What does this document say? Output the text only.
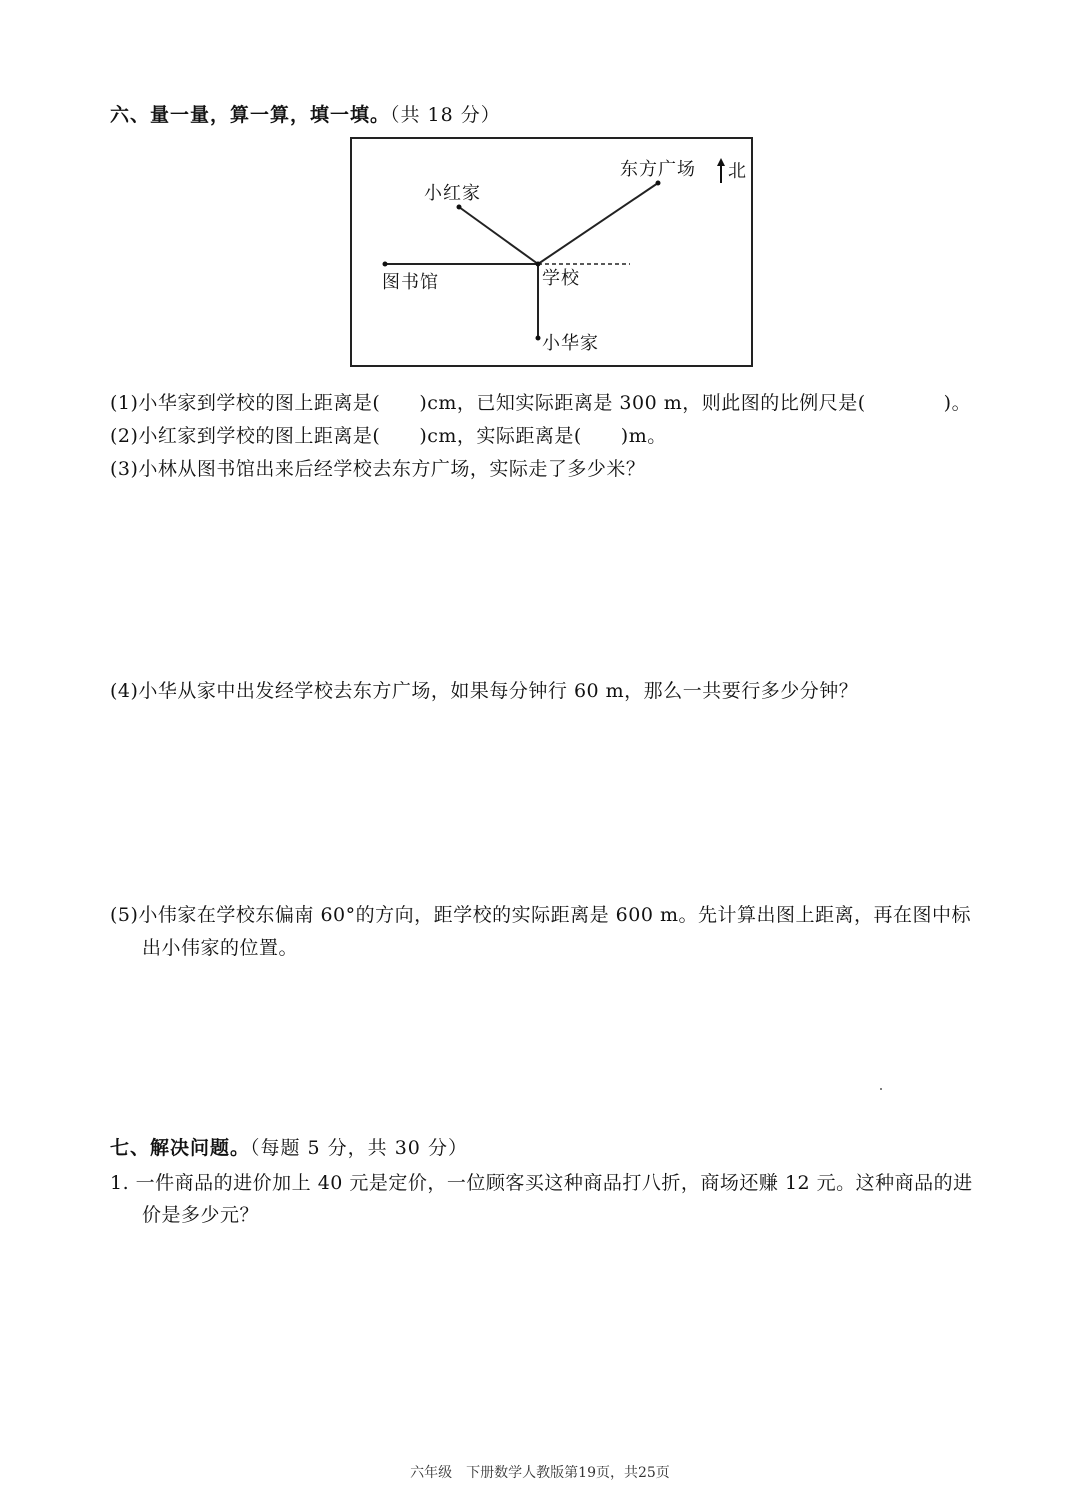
六、量一量，算一算，填一填。（共 18 分）
东方广场 北
小红家
图书馆	学校
小华家
(1)小华家到学校的图上距离是(　　)cm，已知实际距离是 300 m，则此图的比例尺是(　　　　)。
(2)小红家到学校的图上距离是(　　)cm，实际距离是(　　)m。
(3)小林从图书馆出来后经学校去东方广场，实际走了多少米？
(4)小华从家中出发经学校去东方广场，如果每分钟行 60 m，那么一共要行多少分钟？
(5)小伟家在学校东偏南 60°的方向，距学校的实际距离是 600 m。先计算出图上距离，再在图中标
出小伟家的位置。
七、解决问题。（每题 5 分，共 30 分）
1. 一件商品的进价加上 40 元是定价，一位顾客买这种商品打八折，商场还赚 12 元。这种商品的进
价是多少元？
六年级　下册数学人教版第19页，共25页
